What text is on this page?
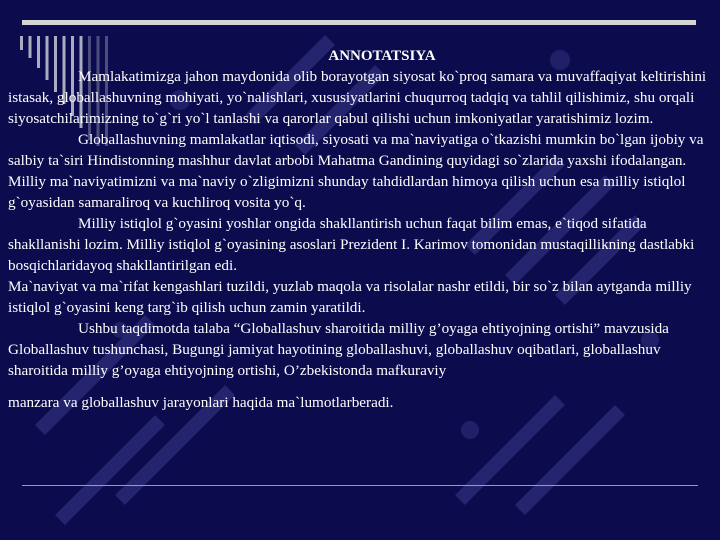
ANNOTATSIYA

Mamlakatimizga jahon maydonida olib borayotgan siyosat ko`proq samara va muvaffaqiyat keltirishini istasak, globallashuvning mohiyati, yo`nalishlari, xususiyatlarini chuqurroq tadqiq va tahlil qilishimiz, shu orqali siyosatchilarimizning to`g`ri yo`l tanlashi va qarorlar qabul qilishi uchun imkoniyatlar yaratishimiz lozim.

Globallashuvning mamlakatlar iqtisodi, siyosati va ma`naviyatiga o`tkazishi mumkin bo`lgan ijobiy va salbiy ta`siri Hindistonning mashhur davlat arbobi Mahatma Gandining quyidagi so`zlarida yaxshi ifodalangan.

Milliy ma`naviyatimizni va ma`naviy o`zligimizni shunday tahdidlardan himoya qilish uchun esa milliy istiqlol g`oyasidan samaraliroq va kuchliroq vosita yo`q.

Milliy istiqlol g`oyasini yoshlar ongida shakllantirish uchun faqat bilim emas, e`tiqod sifatida shakllanishi lozim. Milliy istiqlol g`oyasining asoslari Prezident I. Karimov tomonidan mustaqillikning dastlabki bosqichlaridayoq shakllantirilgan edi.

Ma`naviyat va ma`rifat kengashlari tuzildi, yuzlab maqola va risolalar nashr etildi, bir so`z bilan aytganda milliy istiqlol g`oyasini keng targ`ib qilish uchun zamin yaratildi.

Ushbu taqdimotda talaba “Globallashuv sharoitida milliy g’oyaga ehtiyojning ortishi” mavzusida Globallashuv tushunchasi, Bugungi jamiyat hayotining globallashuvi, globallashuv oqibatlari, globallashuv sharoitida milliy g’oyaga ehtiyojning ortishi, O’zbekistonda mafkuraviy

manzara va globallashuv jarayonlari haqida ma`lumotlarberadi.
